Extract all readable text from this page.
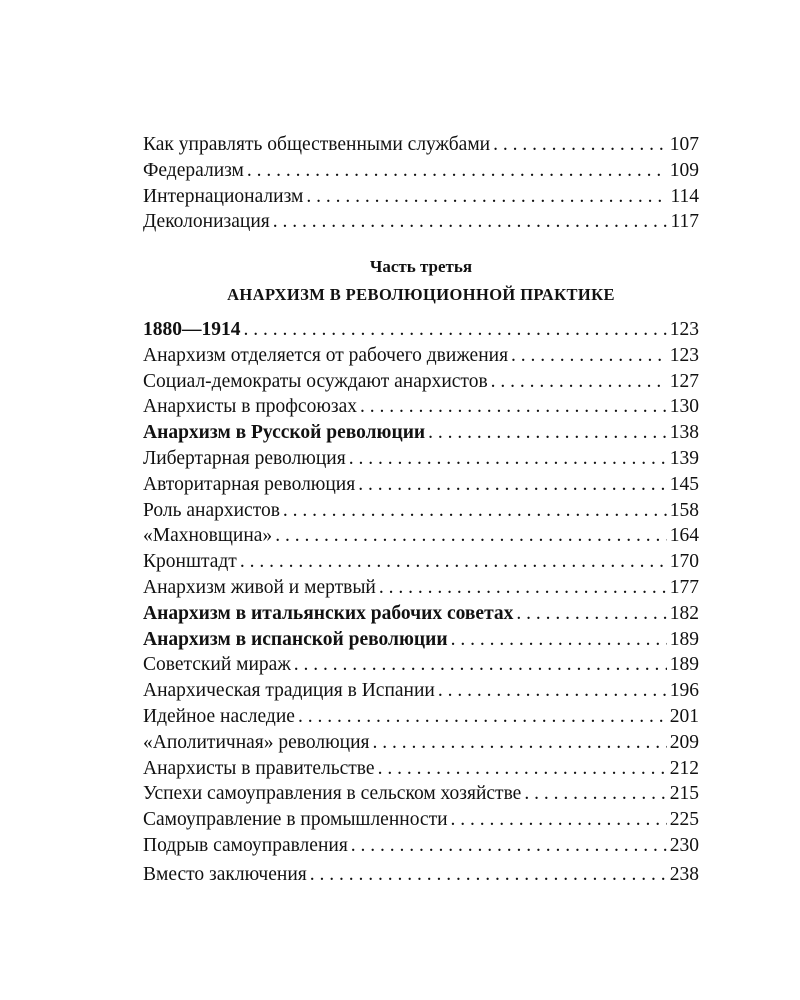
Как управлять общественными службами . . .	107
Федерализм . . .	109
Интернационализм . . .	114
Деколонизация . . .	117
Часть третья
АНАРХИЗМ В РЕВОЛЮЦИОННОЙ ПРАКТИКЕ
1880—1914 . . .	123
Анархизм отделяется от рабочего движения . . .	123
Социал-демократы осуждают анархистов . . .	127
Анархисты в профсоюзах . . .	130
Анархизм в Русской революции . . .	138
Либертарная революция . . .	139
Авторитарная революция . . .	145
Роль анархистов . . .	158
«Махновщина» . . .	164
Кронштадт . . .	170
Анархизм живой и мертвый . . .	177
Анархизм в итальянских рабочих советах . . .	182
Анархизм в испанской революции . . .	189
Советский мираж . . .	189
Анархическая традиция в Испании . . .	196
Идейное наследие . . .	201
«Аполитичная» революция . . .	209
Анархисты в правительстве . . .	212
Успехи самоуправления в сельском хозяйстве . . .	215
Самоуправление в промышленности . . .	225
Подрыв самоуправления . . .	230
Вместо заключения . . .	238
